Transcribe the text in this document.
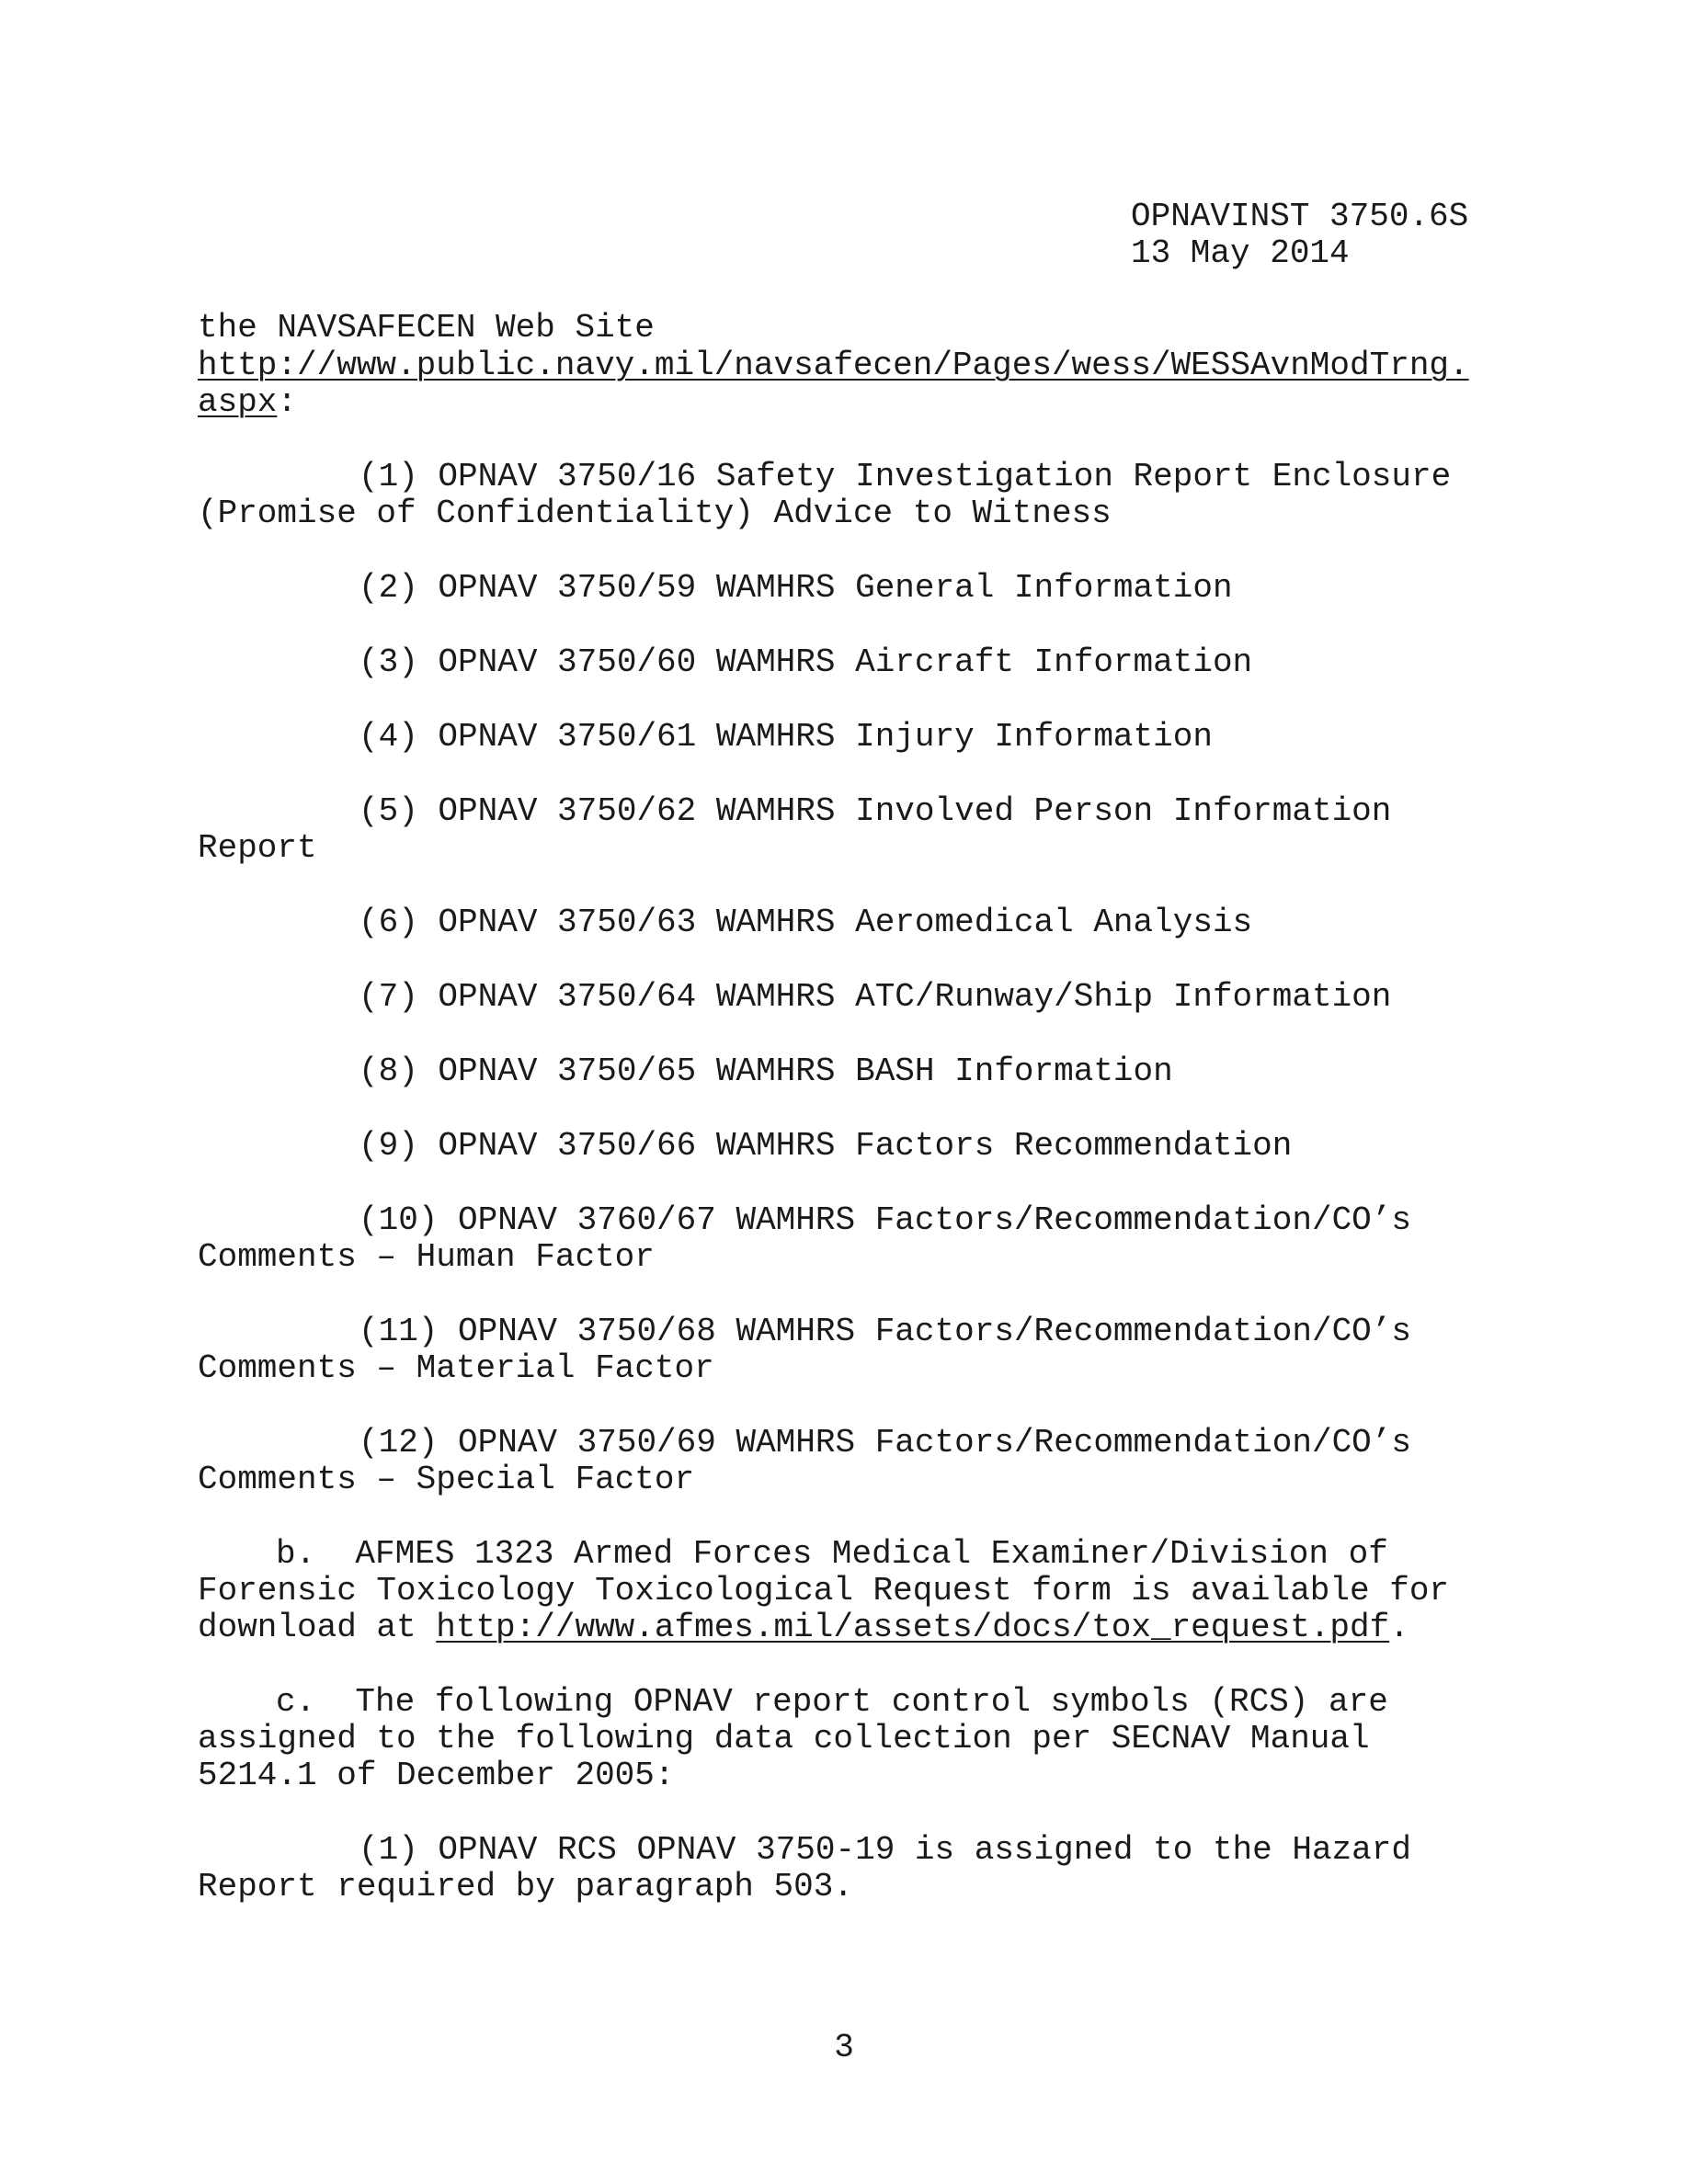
OPNAVINST 3750.6S
13 May 2014
the NAVSAFECEN Web Site
http://www.public.navy.mil/navsafecen/Pages/wess/WESSAvnModTrng.
aspx:
(1) OPNAV 3750/16 Safety Investigation Report Enclosure
(Promise of Confidentiality) Advice to Witness
(2) OPNAV 3750/59 WAMHRS General Information
(3) OPNAV 3750/60 WAMHRS Aircraft Information
(4) OPNAV 3750/61 WAMHRS Injury Information
(5) OPNAV 3750/62 WAMHRS Involved Person Information
Report
(6) OPNAV 3750/63 WAMHRS Aeromedical Analysis
(7) OPNAV 3750/64 WAMHRS ATC/Runway/Ship Information
(8) OPNAV 3750/65 WAMHRS BASH Information
(9) OPNAV 3750/66 WAMHRS Factors Recommendation
(10) OPNAV 3760/67 WAMHRS Factors/Recommendation/CO’s
Comments – Human Factor
(11) OPNAV 3750/68 WAMHRS Factors/Recommendation/CO’s
Comments – Material Factor
(12) OPNAV 3750/69 WAMHRS Factors/Recommendation/CO’s
Comments – Special Factor
b.  AFMES 1323 Armed Forces Medical Examiner/Division of
Forensic Toxicology Toxicological Request form is available for
download at http://www.afmes.mil/assets/docs/tox_request.pdf.
c.  The following OPNAV report control symbols (RCS) are
assigned to the following data collection per SECNAV Manual
5214.1 of December 2005:
(1) OPNAV RCS OPNAV 3750-19 is assigned to the Hazard
Report required by paragraph 503.
3
